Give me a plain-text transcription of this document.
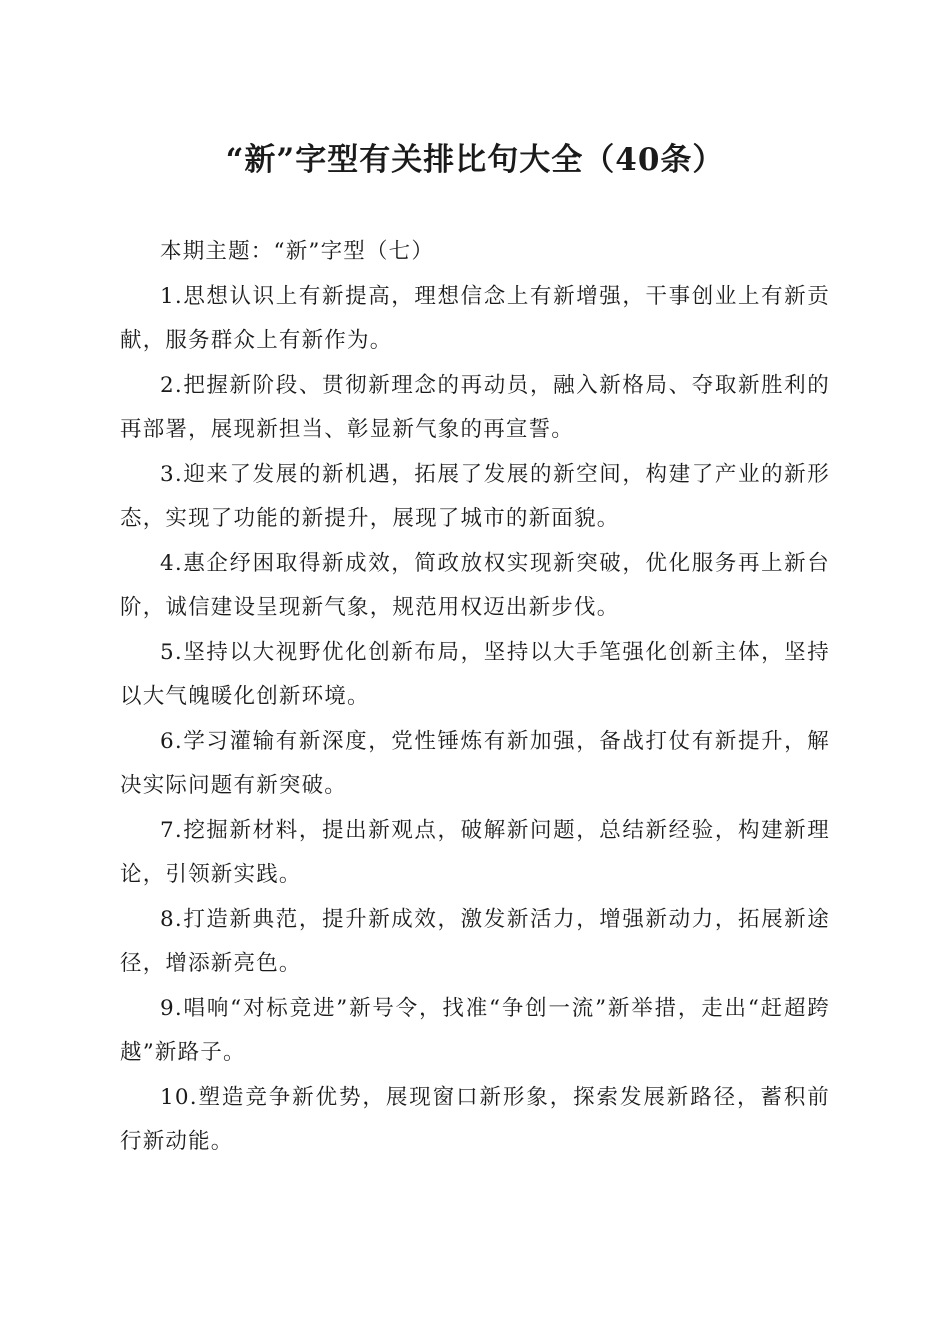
“新”字型有关排比句大全（40条）

本期主题：“新”字型（七）

1.思想认识上有新提高，理想信念上有新增强，干事创业上有新贡献，服务群众上有新作为。

2.把握新阶段、贯彻新理念的再动员，融入新格局、夺取新胜利的再部署，展现新担当、彰显新气象的再宣誓。

3.迎来了发展的新机遇，拓展了发展的新空间，构建了产业的新形态，实现了功能的新提升，展现了城市的新面貌。

4.惠企纾困取得新成效，简政放权实现新突破，优化服务再上新台阶，诚信建设呈现新气象，规范用权迈出新步伐。

5.坚持以大视野优化创新布局，坚持以大手笔强化创新主体，坚持以大气魄暖化创新环境。

6.学习灌输有新深度，党性锤炼有新加强，备战打仗有新提升，解决实际问题有新突破。

7.挖掘新材料，提出新观点，破解新问题，总结新经验，构建新理论，引领新实践。

8.打造新典范，提升新成效，激发新活力，增强新动力，拓展新途径，增添新亮色。

9.唱响“对标竞进”新号令，找准“争创一流”新举措，走出“赶超跨越”新路子。

10.塑造竞争新优势，展现窗口新形象，探索发展新路径，蓄积前行新动能。
